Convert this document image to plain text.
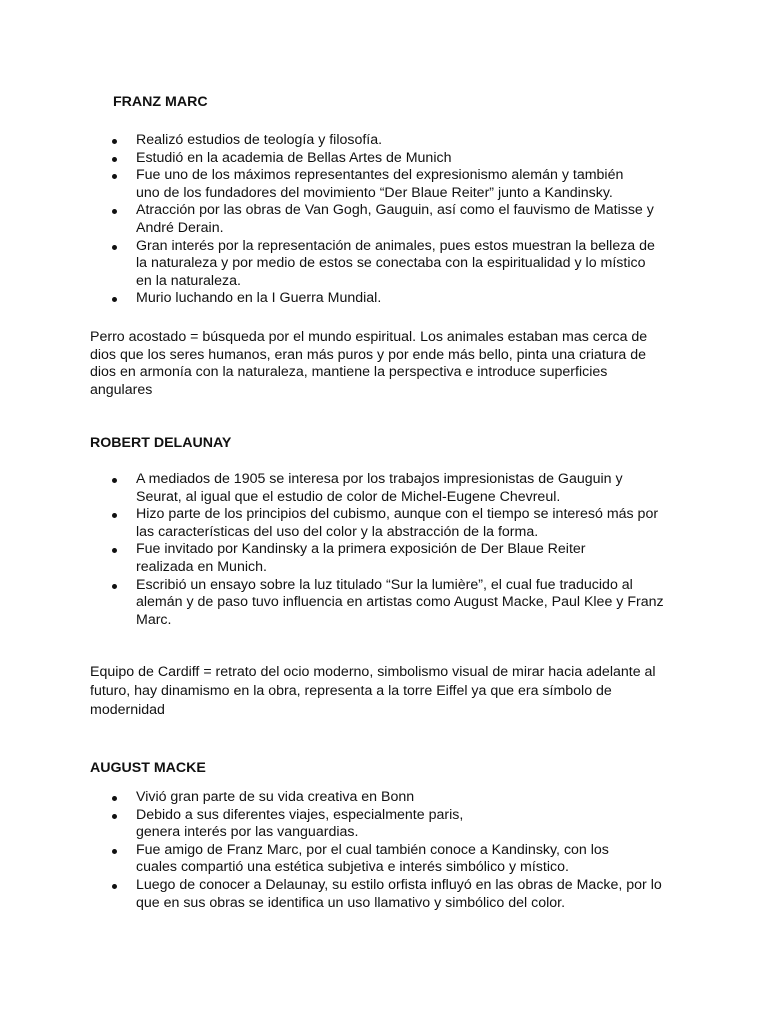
FRANZ MARC
Realizó estudios de teología y filosofía.
Estudió en la academia de Bellas Artes de Munich
Fue uno de los máximos representantes del expresionismo alemán y también uno de los fundadores del movimiento “Der Blaue Reiter” junto a Kandinsky.
Atracción por las obras de Van Gogh, Gauguin, así como el fauvismo de Matisse y André Derain.
Gran interés por la representación de animales, pues estos muestran la belleza de la naturaleza y por medio de estos se conectaba con la espiritualidad y lo místico en la naturaleza.
Murio luchando en la I Guerra Mundial.

Perro acostado = búsqueda por el mundo espiritual. Los animales estaban mas cerca de dios que los seres humanos, eran más puros y por ende más bello, pinta una criatura de dios en armonía con la naturaleza, mantiene la perspectiva e introduce superficies angulares

ROBERT DELAUNAY
A mediados de 1905 se interesa por los trabajos impresionistas de Gauguin y Seurat, al igual que el estudio de color de Michel-Eugene Chevreul.
Hizo parte de los principios del cubismo, aunque con el tiempo se interesó más por las características del uso del color y la abstracción de la forma.
Fue invitado por Kandinsky a la primera exposición de Der Blaue Reiter realizada en Munich.
Escribió un ensayo sobre la luz titulado “Sur la lumière”, el cual fue traducido al alemán y de paso tuvo influencia en artistas como August Macke, Paul Klee y Franz Marc.

Equipo de Cardiff = retrato del ocio moderno, simbolismo visual de mirar hacia adelante al futuro, hay dinamismo en la obra, representa a la torre Eiffel ya que era símbolo de modernidad

AUGUST MACKE
Vivió gran parte de su vida creativa en Bonn
Debido a sus diferentes viajes, especialmente paris, genera interés por las vanguardias.
Fue amigo de Franz Marc, por el cual también conoce a Kandinsky, con los cuales compartió una estética subjetiva e interés simbólico y místico.
Luego de conocer a Delaunay, su estilo orfista influyó en las obras de Macke, por lo que en sus obras se identifica un uso llamativo y simbólico del color.
